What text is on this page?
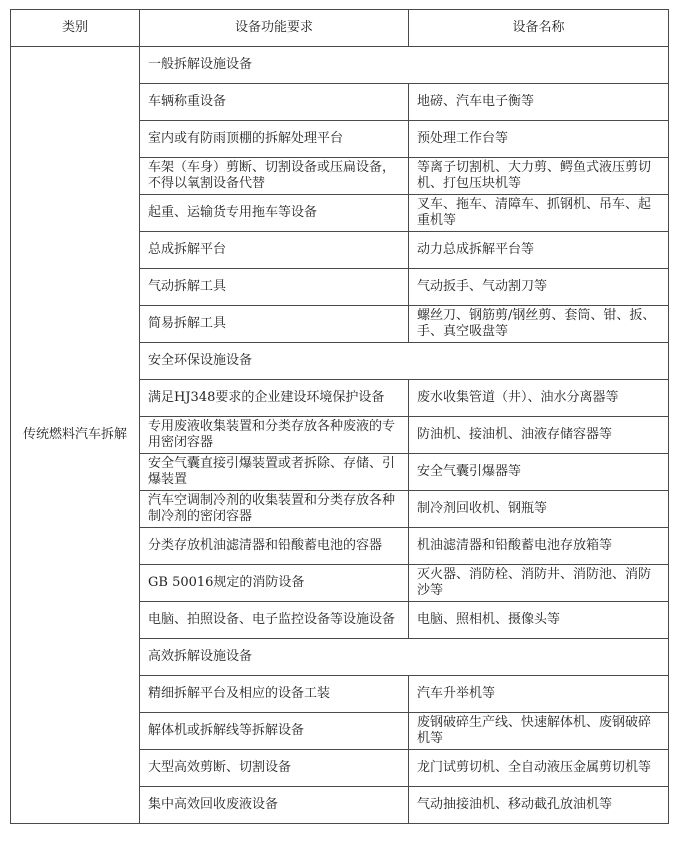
类别	设备功能要求	设备名称
传统燃料汽车拆解	一般拆解设施设备	
	车辆称重设备	地磅、汽车电子衡等
	室内或有防雨顶棚的拆解处理平台	预处理工作台等
	车架（车身）剪断、切割设备或压扁设备，不得以氧割设备代替	等离子切割机、大力剪、鳄鱼式液压剪切机、打包压块机等
	起重、运输货专用拖车等设备	叉车、拖车、清障车、抓钢机、吊车、起重机等
	总成拆解平台	动力总成拆解平台等
	气动拆解工具	气动扳手、气动割刀等
	简易拆解工具	螺丝刀、钢筋剪/钢丝剪、套筒、钳、扳、手、真空吸盘等
	安全环保设施设备	
	满足HJ348要求的企业建设环境保护设备	废水收集管道（井）、油水分离器等
	专用废液收集装置和分类存放各种废液的专用密闭容器	防油机、接油机、油液存储容器等
	安全气囊直接引爆装置或者拆除、存储、引爆装置	安全气囊引爆器等
	汽车空调制冷剂的收集装置和分类存放各种制冷剂的密闭容器	制冷剂回收机、钢瓶等
	分类存放机油滤清器和铅酸蓄电池的容器	机油滤清器和铅酸蓄电池存放箱等
	GB 50016规定的消防设备	灭火器、消防栓、消防井、消防池、消防沙等
	电脑、拍照设备、电子监控设备等设施设备	电脑、照相机、摄像头等
	高效拆解设施设备	
	精细拆解平台及相应的设备工装	汽车升举机等
	解体机或拆解线等拆解设备	废钢破碎生产线、快速解体机、废钢破碎机等
	大型高效剪断、切割设备	龙门试剪切机、全自动液压金属剪切机等
	集中高效回收废液设备	气动抽接油机、移动截孔放油机等
